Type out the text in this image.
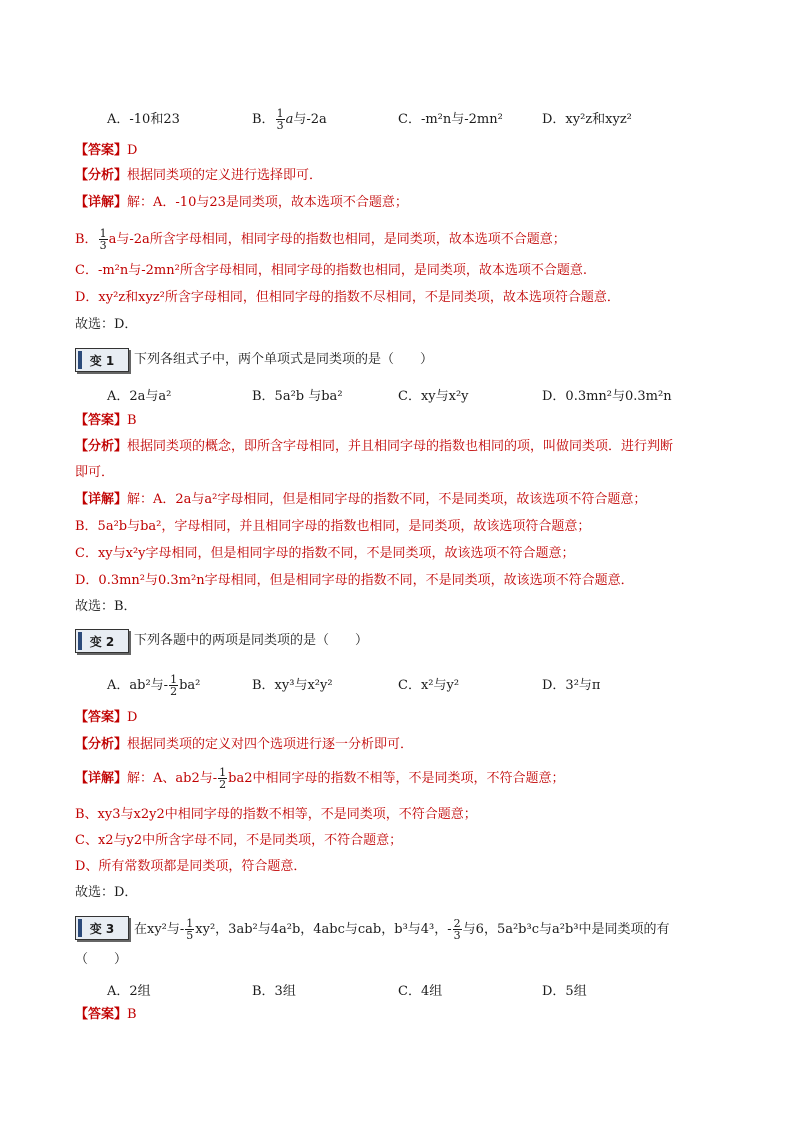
A．-10和23	B． $\frac{1}{3}$ a与-2a	C．-m²n与-2mn²	D．xy²z和xyz²
【答案】D
【分析】根据同类项的定义进行选择即可．
【详解】解：A．-10与23是同类项，故本选项不合题意；
B． $\frac{1}{3}$ a与-2a所含字母相同，相同字母的指数也相同，是同类项，故本选项不合题意；
C．-m²n与-2mn²所含字母相同，相同字母的指数也相同，是同类项，故本选项不合题意.
D．xy²z和xyz²所含字母相同，但相同字母的指数不尽相同，不是同类项，故本选项符合题意．
故选：D．
变 1	下列各组式子中，两个单项式是同类项的是（　　）
A．2a与a²	B．5a²b 与ba²	C．xy与x²y	D．0.3mn²与0.3m²n
【答案】B
【分析】根据同类项的概念，即所含字母相同，并且相同字母的指数也相同的项，叫做同类项．进行判断
即可．
【详解】解：A．2a与a²字母相同，但是相同字母的指数不同，不是同类项，故该选项不符合题意；
B．5a²b与ba²，字母相同，并且相同字母的指数也相同，是同类项，故该选项符合题意；
C．xy与x²y字母相同，但是相同字母的指数不同，不是同类项，故该选项不符合题意；
D．0.3mn²与0.3m²n字母相同，但是相同字母的指数不同，不是同类项，故该选项不符合题意．
故选：B．
变 2	下列各题中的两项是同类项的是（　　）
A．ab²与- $\frac{1}{2} ba^2$	B．xy³与x²y²	C．x²与y²	D．3²与π
【答案】D
【分析】根据同类项的定义对四个选项进行逐一分析即可．
【详解】解：A、ab2与- $\frac{1}{2} ba2$中相同字母的指数不相等，不是同类项，不符合题意；
B、xy3与x2y2中相同字母的指数不相等，不是同类项，不符合题意；
C、x2与y2中所含字母不同，不是同类项，不符合题意；
D、所有常数项都是同类项，符合题意．
故选：D．
变 3	在xy²与- $\frac{1}{5} xy^2$，3ab²与4a²b，4abc与cab，b³与4³，- $\frac{2}{3}$ 与6，5a²b³c与a²b³中是同类项的有
（　　）
A．2组	B．3组	C．4组	D．5组
【答案】B
